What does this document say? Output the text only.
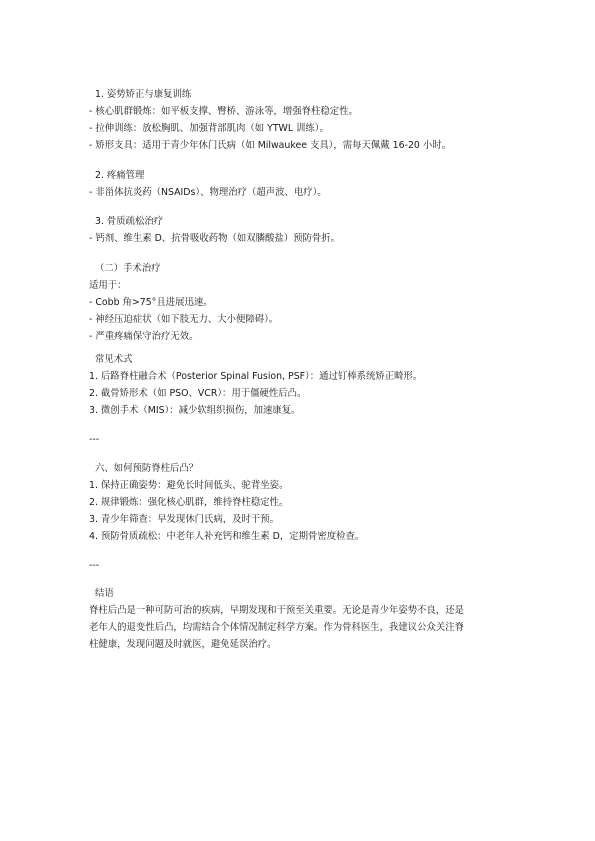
1. 姿势矫正与康复训练
- 核心肌群锻炼：如平板支撑、臀桥、游泳等，增强脊柱稳定性。
- 拉伸训练：放松胸肌、加强背部肌肉（如 YTWL 训练）。
- 矫形支具：适用于青少年休门氏病（如 Milwaukee 支具），需每天佩戴 16-20 小时。
2. 疼痛管理
- 非甾体抗炎药（NSAIDs）、物理治疗（超声波、电疗）。
3. 骨质疏松治疗
- 钙剂、维生素 D、抗骨吸收药物（如双膦酸盐）预防骨折。
（二）手术治疗
适用于：
- Cobb 角>75°且进展迅速。
- 神经压迫症状（如下肢无力、大小便障碍）。
- 严重疼痛保守治疗无效。
常见术式
1. 后路脊柱融合术（Posterior Spinal Fusion, PSF）：通过钉棒系统矫正畸形。
2. 截骨矫形术（如 PSO、VCR）：用于僵硬性后凸。
3. 微创手术（MIS）：减少软组织损伤，加速康复。
---
六、如何预防脊柱后凸？
1. 保持正确姿势：避免长时间低头、驼背坐姿。
2. 规律锻炼：强化核心肌群，维持脊柱稳定性。
3. 青少年筛查：早发现休门氏病，及时干预。
4. 预防骨质疏松：中老年人补充钙和维生素 D，定期骨密度检查。
---
结语
脊柱后凸是一种可防可治的疾病，早期发现和干预至关重要。无论是青少年姿势不良，还是
老年人的退变性后凸，均需结合个体情况制定科学方案。作为骨科医生，我建议公众关注脊
柱健康，发现问题及时就医，避免延误治疗。
